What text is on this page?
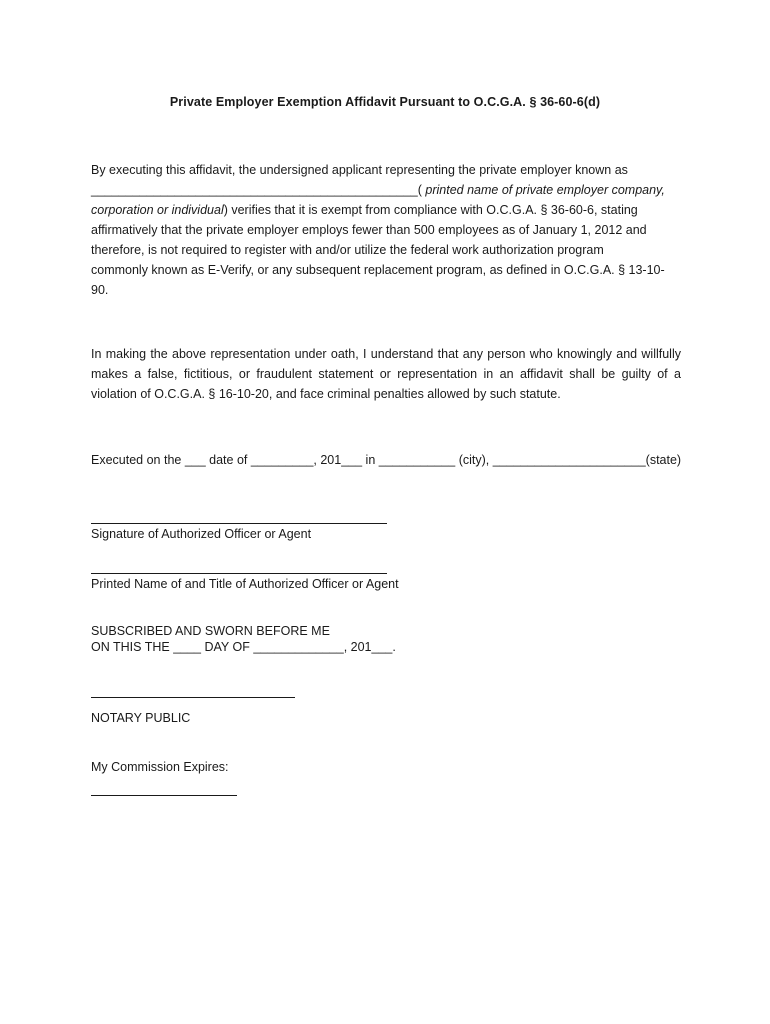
Private Employer Exemption Affidavit Pursuant to O.C.G.A. § 36-60-6(d)
By executing this affidavit, the undersigned applicant representing the private employer known as
_______________________________________________( printed name of private employer company,
corporation or individual) verifies that it is exempt from compliance with O.C.G.A. § 36-60-6, stating
affirmatively that the private employer employs fewer than 500 employees as of January 1, 2012 and
therefore, is not required to register with and/or utilize the federal work authorization program
commonly known as E-Verify, or any subsequent replacement program, as defined in O.C.G.A. § 13-10-
90.
In making the above representation under oath, I understand that any person who knowingly and willfully makes a false, fictitious, or fraudulent statement or representation in an affidavit shall be guilty of a violation of O.C.G.A. § 16-10-20, and face criminal penalties allowed by such statute.
Executed on the ___ date of _________, 201___ in ___________ (city), ______________________(state)
Signature of Authorized Officer or Agent
Printed Name of and Title of Authorized Officer or Agent
SUBSCRIBED AND SWORN BEFORE ME
ON THIS THE ____ DAY OF _____________, 201___.
NOTARY PUBLIC
My Commission Expires:
